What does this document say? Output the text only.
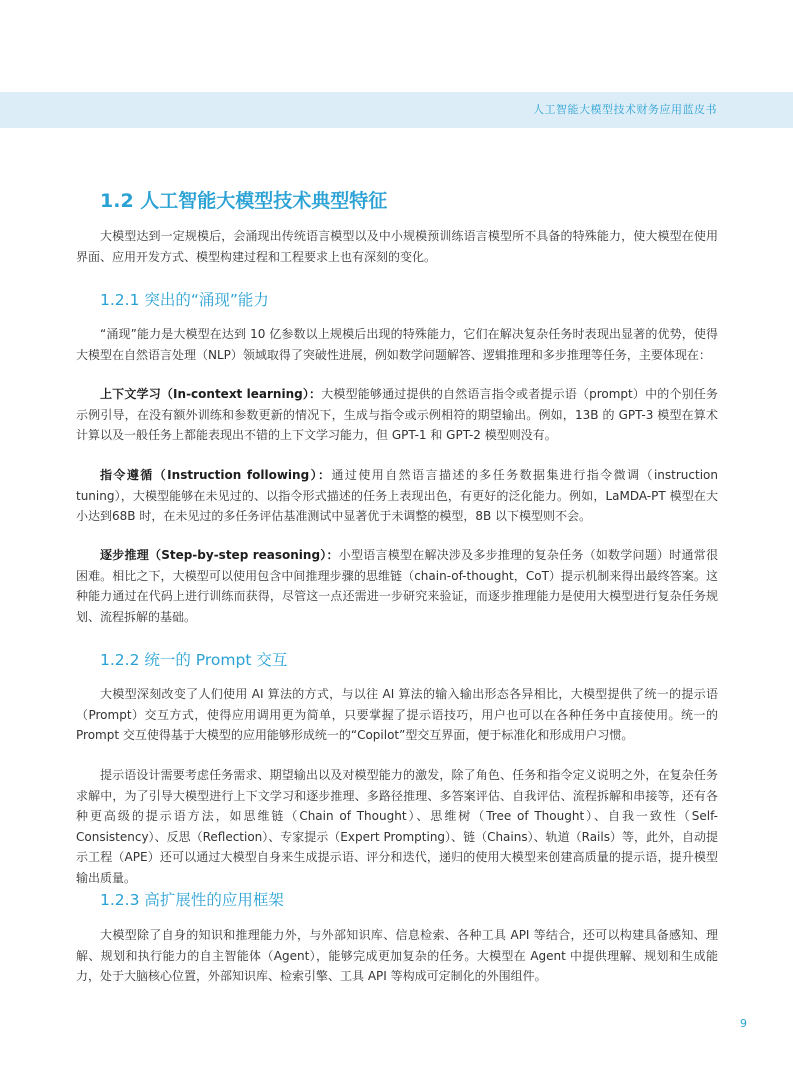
人工智能大模型技术财务应用蓝皮书
1.2 人工智能大模型技术典型特征

大模型达到一定规模后，会涌现出传统语言模型以及中小规模预训练语言模型所不具备的特殊能力，使大模型在使用界面、应用开发方式、模型构建过程和工程要求上也有深刻的变化。

1.2.1 突出的“涌现”能力

“涌现”能力是大模型在达到 10 亿参数以上规模后出现的特殊能力，它们在解决复杂任务时表现出显著的优势，使得大模型在自然语言处理（NLP）领域取得了突破性进展，例如数学问题解答、逻辑推理和多步推理等任务，主要体现在：

上下文学习（In-context learning）：大模型能够通过提供的自然语言指令或者提示语（prompt）中的个别任务示例引导，在没有额外训练和参数更新的情况下，生成与指令或示例相符的期望输出。例如，13B 的 GPT-3 模型在算术计算以及一般任务上都能表现出不错的上下文学习能力，但 GPT-1 和 GPT-2 模型则没有。

指令遵循（Instruction following）：通过使用自然语言描述的多任务数据集进行指令微调（instruction tuning），大模型能够在未见过的、以指令形式描述的任务上表现出色，有更好的泛化能力。例如，LaMDA-PT 模型在大小达到68B 时，在未见过的多任务评估基准测试中显著优于未调整的模型，8B 以下模型则不会。

逐步推理（Step-by-step reasoning）：小型语言模型在解决涉及多步推理的复杂任务（如数学问题）时通常很困难。相比之下，大模型可以使用包含中间推理步骤的思维链（chain-of-thought，CoT）提示机制来得出最终答案。这种能力通过在代码上进行训练而获得，尽管这一点还需进一步研究来验证，而逐步推理能力是使用大模型进行复杂任务规划、流程拆解的基础。

1.2.2 统一的 Prompt 交互

大模型深刻改变了人们使用 AI 算法的方式，与以往 AI 算法的输入输出形态各异相比，大模型提供了统一的提示语（Prompt）交互方式，使得应用调用更为简单，只要掌握了提示语技巧，用户也可以在各种任务中直接使用。统一的 Prompt 交互使得基于大模型的应用能够形成统一的“Copilot”型交互界面，便于标准化和形成用户习惯。

提示语设计需要考虑任务需求、期望输出以及对模型能力的激发，除了角色、任务和指令定义说明之外，在复杂任务求解中，为了引导大模型进行上下文学习和逐步推理、多路径推理、多答案评估、自我评估、流程拆解和串接等，还有各种更高级的提示语方法，如思维链（Chain of Thought）、思维树（Tree of Thought）、自我一致性（Self-Consistency）、反思（Reflection）、专家提示（Expert Prompting）、链（Chains）、轨道（Rails）等，此外，自动提示工程（APE）还可以通过大模型自身来生成提示语、评分和迭代，递归的使用大模型来创建高质量的提示语，提升模型输出质量。

1.2.3 高扩展性的应用框架

大模型除了自身的知识和推理能力外，与外部知识库、信息检索、各种工具 API 等结合，还可以构建具备感知、理解、规划和执行能力的自主智能体（Agent），能够完成更加复杂的任务。大模型在 Agent 中提供理解、规划和生成能力，处于大脑核心位置，外部知识库、检索引擎、工具 API 等构成可定制化的外围组件。

9
